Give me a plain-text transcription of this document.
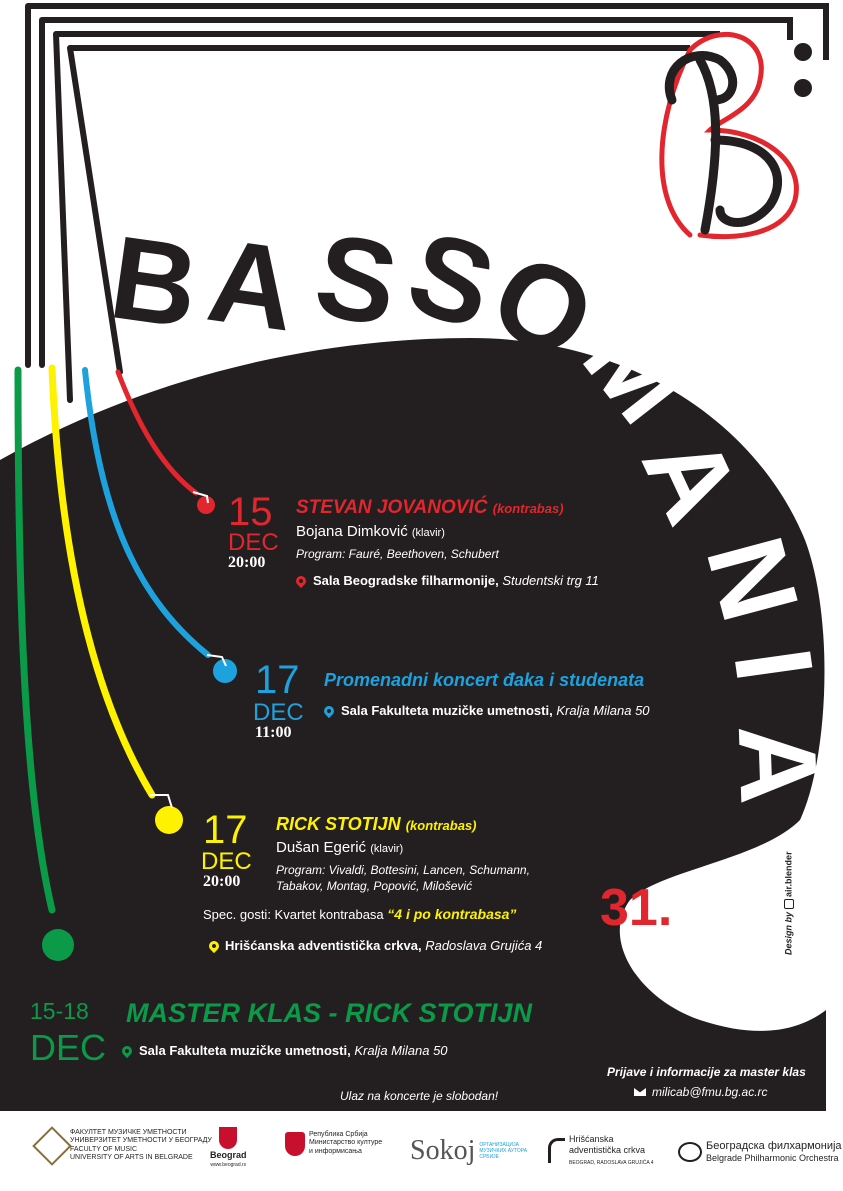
B
A S
S
O
M
A
N
I
A
31.
15
DEC
20:00
STEVAN JOVANOVIĆ (kontrabas)
Bojana Dimković (klavir)
Program: Fauré, Beethoven, Schubert
Sala Beogradske filharmonije, Studentski trg 11
17
DEC
11:00
Promenadni koncert đaka i studenata
Sala Fakulteta muzičke umetnosti, Kralja Milana 50
17
DEC
20:00
RICK STOTIJN (kontrabas)
Dušan Egerić (klavir)
Program: Vivaldi, Bottesini, Lancen, Schumann,
Tabakov, Montag, Popović, Milošević
Spec. gosti: Kvartet kontrabasa “4 i po kontrabasa”
Hrišćanska adventistička crkva, Radoslava Grujića 4
15-18
DEC
MASTER KLAS - RICK STOTIJN
Sala Fakulteta muzičke umetnosti, Kralja Milana 50
Prijave i informacije za master klas
milicab@fmu.bg.ac.rc
Ulaz na koncerte je slobodan!
Design by  air.blender
ФАКУЛТЕТ МУЗИЧКЕ УМЕТНОСТИ
УНИВЕРЗИТЕТ УМЕТНОСТИ У БЕОГРАДУ
FACULTY OF MUSIC
UNIVERSITY OF ARTS IN BELGRADE	Beograd
www.beograd.rs
Република Србија
Министарство културе
и информисања	Sokoj ОРГАНИЗАЦИЈА
МУЗИЧКИХ АУТОРА
СРБИЈЕ
Hrišćanska
adventistička crkva
BEOGRAD, RADOSLAVA GRUJIĆA 4
Београдска филхармонија
Belgrade Philharmonic Orchestra
